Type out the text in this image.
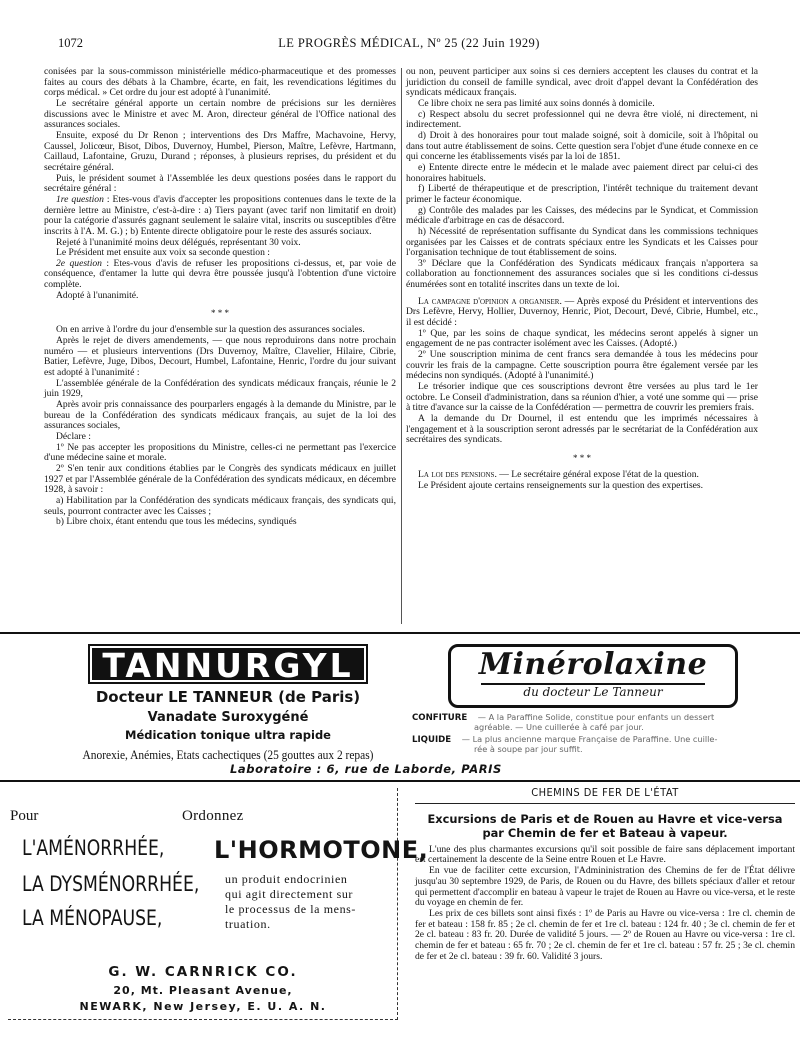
1072	LE PROGRÈS MÉDICAL, Nº 25 (22 Juin 1929)

conisées par la sous-commisson ministérielle médico-pharmaceutique et des promesses faites au cours des débats à la Chambre, écarte, en fait, les revendications légitimes du corps médical. » Cet ordre du jour est adopté à l'unanimité.

Le secrétaire général apporte un certain nombre de précisions sur les dernières discussions avec le Ministre et avec M. Aron, directeur général de l'Office national des assurances sociales.

Ensuite, exposé du Dr Renon ; interventions des Drs Maffre, Machavoine, Hervy, Caussel, Jolicœur, Bisot, Dibos, Duvernoy, Humbel, Pierson, Maître, Lefèvre, Hartmann, Caillaud, Lafontaine, Gruzu, Durand ; réponses, à plusieurs reprises, du président et du secrétaire général.

Puis, le président soumet à l'Assemblée les deux questions posées dans le rapport du secrétaire général :

1re question : Etes-vous d'avis d'accepter les propositions contenues dans le texte de la dernière lettre au Ministre, c'est-à-dire : a) Tiers payant (avec tarif non limitatif en droit) pour la catégorie d'assurés gagnant seulement le salaire vital, inscrits ou susceptibles d'être inscrits à l'A. M. G.) ; b) Entente directe obligatoire pour le reste des assurés sociaux.

Rejeté à l'unanimité moins deux délégués, représentant 30 voix.

Le Président met ensuite aux voix sa seconde question :

2e question : Etes-vous d'avis de refuser les propositions ci-dessus, et, par voie de conséquence, d'entamer la lutte qui devra être poussée jusqu'à l'obtention d'une victoire complète.

Adopté à l'unanimité.

* * *

On en arrive à l'ordre du jour d'ensemble sur la question des assurances sociales.

Après le rejet de divers amendements, — que nous reproduirons dans notre prochain numéro — et plusieurs interventions (Drs Duvernoy, Maître, Clavelier, Hilaire, Cibrie, Batier, Lefèvre, Juge, Dibos, Decourt, Humbel, Lafontaine, Henric, l'ordre du jour suivant est adopté à l'unanimité :

L'assemblée générale de la Confédération des syndicats médicaux français, réunie le 2 juin 1929,

Après avoir pris connaissance des pourparlers engagés à la demande du Ministre, par le bureau de la Confédération des syndicats médicaux français, au sujet de la loi des assurances sociales,

Déclare :

1º Ne pas accepter les propositions du Ministre, celles-ci ne permettant pas l'exercice d'une médecine saine et morale.

2º S'en tenir aux conditions établies par le Congrès des syndicats médicaux en juillet 1927 et par l'Assemblée générale de la Confédération des syndicats médicaux, en décembre 1928, à savoir :

a) Habilitation par la Confédération des syndicats médicaux français, des syndicats qui, seuls, pourront contracter avec les Caisses ;

b) Libre choix, étant entendu que tous les médecins, syndiqués

ou non, peuvent participer aux soins si ces derniers acceptent les clauses du contrat et la juridiction du conseil de famille syndical, avec droit d'appel devant la Confédération des syndicats médicaux français.

Ce libre choix ne sera pas limité aux soins donnés à domicile.

c) Respect absolu du secret professionnel qui ne devra être violé, ni directement, ni indirectement.

d) Droit à des honoraires pour tout malade soigné, soit à domicile, soit à l'hôpital ou dans tout autre établissement de soins. Cette question sera l'objet d'une étude connexe en ce qui concerne les établissements visés par la loi de 1851.

e) Entente directe entre le médecin et le malade avec paiement direct par celui-ci des honoraires habituels.

f) Liberté de thérapeutique et de prescription, l'intérêt technique du traitement devant primer le facteur économique.

g) Contrôle des malades par les Caisses, des médecins par le Syndicat, et Commission médicale d'arbitrage en cas de désaccord.

h) Nécessité de représentation suffisante du Syndicat dans les commissions techniques organisées par les Caisses et de contrats spéciaux entre les Syndicats et les Caisses pour l'organisation technique de tout établissement de soins.

3º Déclare que la Confédération des Syndicats médicaux français n'apportera sa collaboration au fonctionnement des assurances sociales que si les conditions ci-dessus énumérées sont en totalité inscrites dans un texte de loi.

La campagne d'opinion a organiser. — Après exposé du Président et interventions des Drs Lefèvre, Hervy, Hollier, Duvernoy, Henric, Piot, Decourt, Devé, Cibrie, Humbel, etc., il est décidé :

1º Que, par les soins de chaque syndicat, les médecins seront appelés à signer un engagement de ne pas contracter isolément avec les Caisses. (Adopté.)

2º Une souscription minima de cent francs sera demandée à tous les médecins pour couvrir les frais de la campagne. Cette souscription pourra être également versée par les médecins non syndiqués. (Adopté à l'unanimité.)

Le trésorier indique que ces souscriptions devront être versées au plus tard le 1er octobre. Le Conseil d'administration, dans sa réunion d'hier, a voté une somme qui — prise à titre d'avance sur la caisse de la Confédération — permettra de couvrir les premiers frais.

A la demande du Dr Dournel, il est entendu que les imprimés nécessaires à l'engagement et à la souscription seront adressés par le secrétariat de la Confédération aux secrétaires des syndicats.

* * *

La loi des pensions. — Le secrétaire général expose l'état de la question.

Le Président ajoute certains renseignements sur la question des expertises.

TANNURGYL
Docteur LE TANNEUR (de Paris)
Vanadate Suroxygéné
Médication tonique ultra rapide
Anorexie, Anémies, Etats cachectiques (25 gouttes aux 2 repas)
Minérolaxine
du docteur Le Tanneur
CONFITURE — A la Paraffine Solide, constitue pour enfants un dessert
agréable. — Une cuillerée à café par jour.
LIQUIDE — La plus ancienne marque Française de Paraffine. Une cuille-
rée à soupe par jour suffit.
Laboratoire : 6, rue de Laborde, PARIS
Pour	Ordonnez
L'AMÉNORRHÉE,
LA DYSMÉNORRHÉE,
LA MÉNOPAUSE,
L'HORMOTONE,
un produit endocrinien
qui agit directement sur
le processus de la mens-
truation.
G. W. CARNRICK CO.
20, Mt. Pleasant Avenue,
NEWARK, New Jersey, E. U. A. N.
CHEMINS DE FER DE L'ÉTAT
Excursions de Paris et de Rouen au Havre et vice-versa
par Chemin de fer et Bateau à vapeur.

L'une des plus charmantes excursions qu'il soit possible de faire sans déplacement important est certainement la descente de la Seine entre Rouen et Le Havre.

En vue de faciliter cette excursion, l'Admininistration des Chemins de fer de l'État délivre jusqu'au 30 septembre 1929, de Paris, de Rouen ou du Havre, des billets spéciaux d'aller et retour qui permettent d'accomplir en bateau à vapeur le trajet de Rouen au Havre ou vice-versa, et le reste du voyage en chemin de fer.

Les prix de ces billets sont ainsi fixés : 1º de Paris au Havre ou vice-versa : 1re cl. chemin de fer et bateau : 158 fr. 85 ; 2e cl. chemin de fer et 1re cl. bateau : 124 fr. 40 ; 3e cl. chemin de fer et 2e cl. bateau : 83 fr. 20. Durée de validité 5 jours. — 2º de Rouen au Havre ou vice-versa : 1re cl. chemin de fer et bateau : 65 fr. 70 ; 2e cl. chemin de fer et 1re cl. bateau : 57 fr. 25 ; 3e cl. chemin de fer et 2e cl. bateau : 39 fr. 60. Validité 3 jours.
